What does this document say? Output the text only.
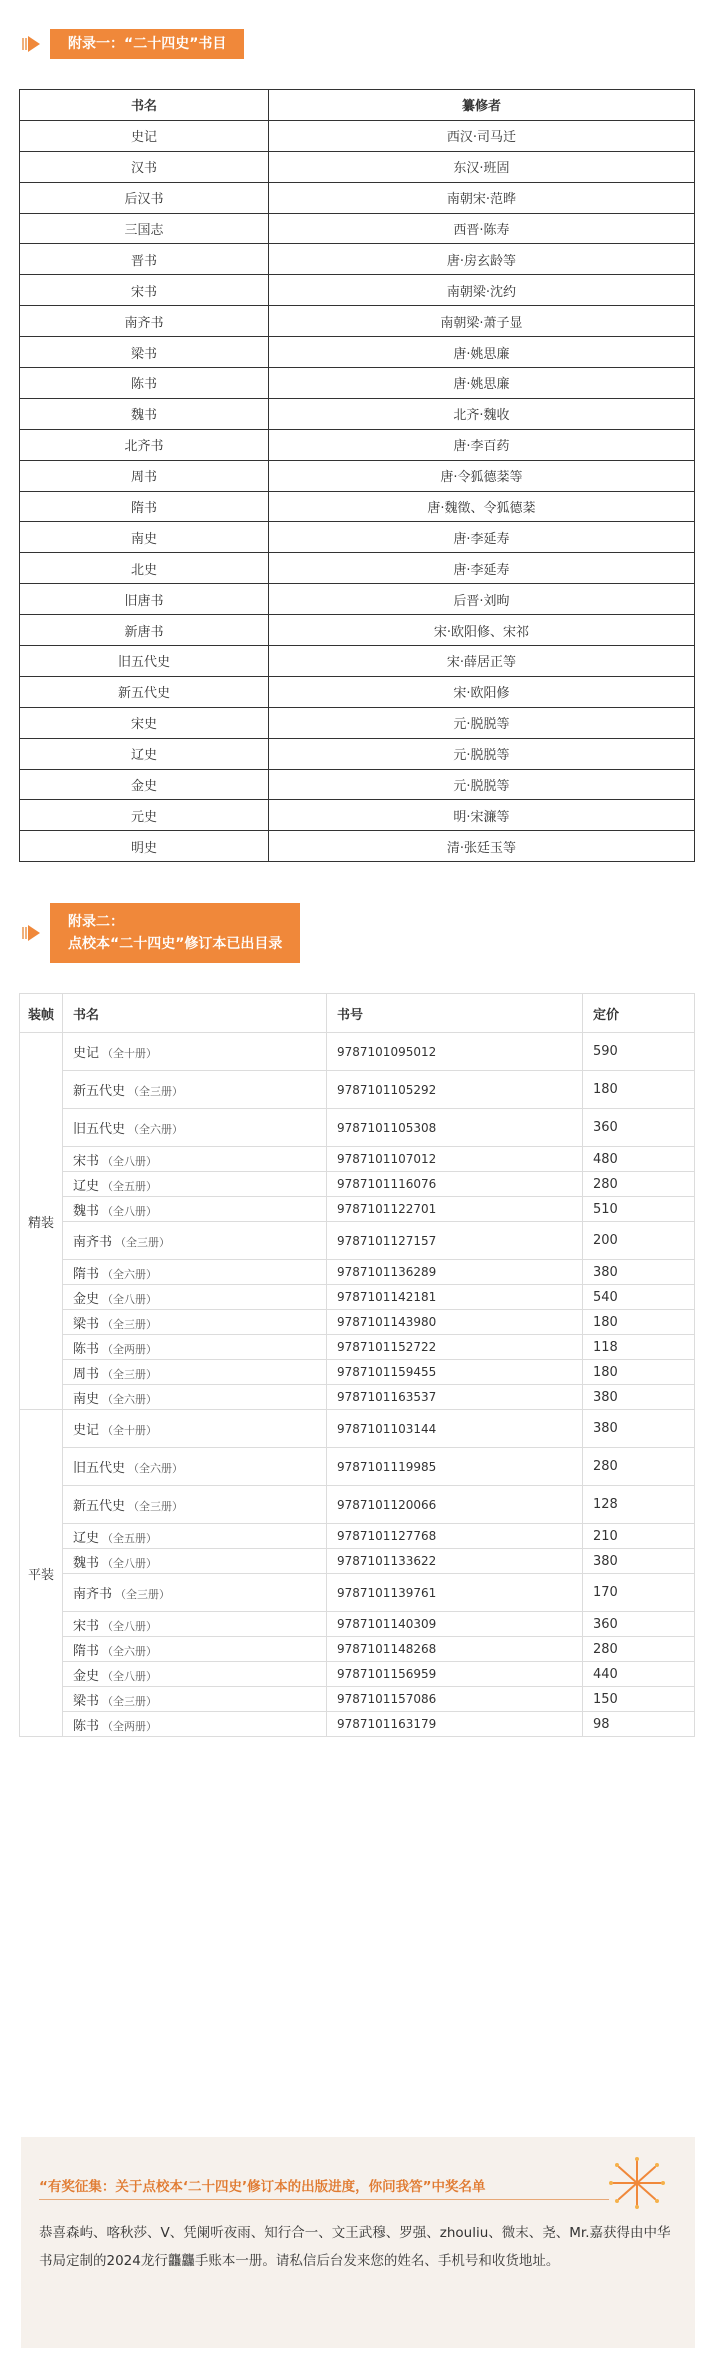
附录一：“二十四史”书目
书名	纂修者
史记	西汉·司马迁
汉书	东汉·班固
后汉书	南朝宋·范晔
三国志	西晋·陈寿
晋书	唐·房玄龄等
宋书	南朝梁·沈约
南齐书	南朝梁·萧子显
梁书	唐·姚思廉
陈书	唐·姚思廉
魏书	北齐·魏收
北齐书	唐·李百药
周书	唐·令狐德棻等
隋书	唐·魏徵、令狐德棻
南史	唐·李延寿
北史	唐·李延寿
旧唐书	后晋·刘昫
新唐书	宋·欧阳修、宋祁
旧五代史	宋·薛居正等
新五代史	宋·欧阳修
宋史	元·脱脱等
辽史	元·脱脱等
金史	元·脱脱等
元史	明·宋濂等
明史	清·张廷玉等
附录二：
点校本“二十四史”修订本已出目录
装帧	书名	书号	定价
精装	史记 （全十册）	9787101095012	590
	新五代史 （全三册）	9787101105292	180
	旧五代史 （全六册）	9787101105308	360
	宋书 （全八册）	9787101107012	480
	辽史 （全五册）	9787101116076	280
	魏书 （全八册）	9787101122701	510
	南齐书 （全三册）	9787101127157	200
	隋书 （全六册）	9787101136289	380
	金史 （全八册）	9787101142181	540
	梁书 （全三册）	9787101143980	180
	陈书 （全两册）	9787101152722	118
	周书 （全三册）	9787101159455	180
	南史 （全六册）	9787101163537	380
平装	史记 （全十册）	9787101103144	380
	旧五代史 （全六册）	9787101119985	280
	新五代史 （全三册）	9787101120066	128
	辽史 （全五册）	9787101127768	210
	魏书 （全八册）	9787101133622	380
	南齐书 （全三册）	9787101139761	170
	宋书 （全八册）	9787101140309	360
	隋书 （全六册）	9787101148268	280
	金史 （全八册）	9787101156959	440
	梁书 （全三册）	9787101157086	150
	陈书 （全两册）	9787101163179	98
“有奖征集：关于点校本‘二十四史’修订本的出版进度，你问我答”中奖名单
恭喜森屿、喀秋莎、V、凭阑听夜雨、知行合一、文王武穆、罗强、zhouliu、微末、尧、Mr.嘉获得由中华书局定制的2024龙行龘龘手账本一册。请私信后台发来您的姓名、手机号和收货地址。
